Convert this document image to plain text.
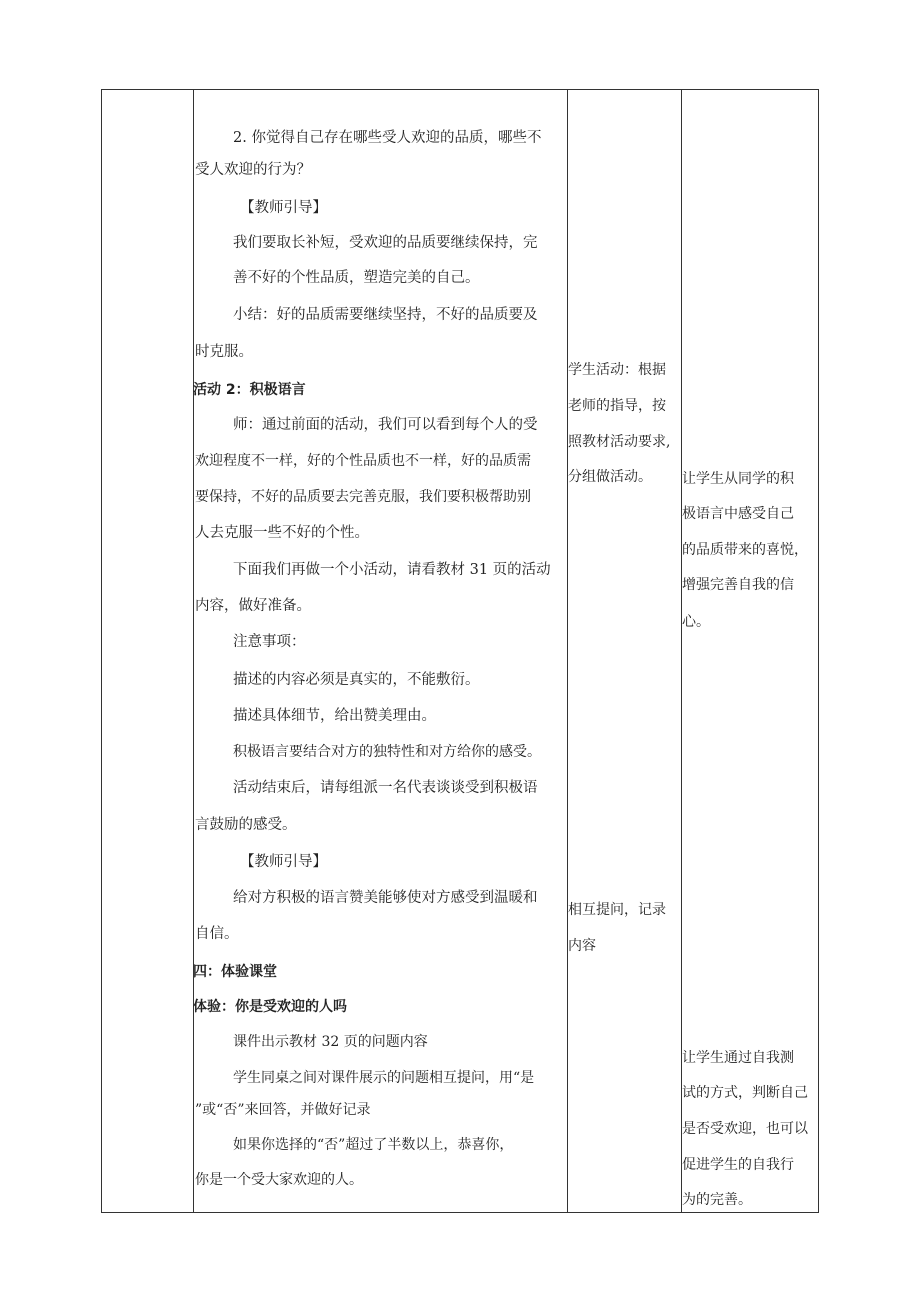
2. 你觉得自己存在哪些受人欢迎的品质，哪些不
受人欢迎的行为？
【教师引导】
我们要取长补短，受欢迎的品质要继续保持，完
善不好的个性品质，塑造完美的自己。
小结：好的品质需要继续坚持，不好的品质要及
时克服。
活动 2：积极语言
师：通过前面的活动，我们可以看到每个人的受
欢迎程度不一样，好的个性品质也不一样，好的品质需
要保持，不好的品质要去完善克服，我们要积极帮助别
人去克服一些不好的个性。
下面我们再做一个小活动，请看教材 31 页的活动
内容，做好准备。
注意事项：
描述的内容必须是真实的，不能敷衍。
描述具体细节，给出赞美理由。
积极语言要结合对方的独特性和对方给你的感受。
活动结束后，请每组派一名代表谈谈受到积极语
言鼓励的感受。
【教师引导】
给对方积极的语言赞美能够使对方感受到温暖和
自信。
四：体验课堂
体验：你是受欢迎的人吗
课件出示教材 32 页的问题内容
学生同桌之间对课件展示的问题相互提问，用“是
”或“否”来回答，并做好记录
如果你选择的“否”超过了半数以上，恭喜你，
你是一个受大家欢迎的人。
学生活动：根据
老师的指导，按
照教材活动要求,
分组做活动。
相互提问，记录
内容
让学生从同学的积
极语言中感受自己
的品质带来的喜悦，
增强完善自我的信
心。
让学生通过自我测
试的方式，判断自己
是否受欢迎，也可以
促进学生的自我行
为的完善。
